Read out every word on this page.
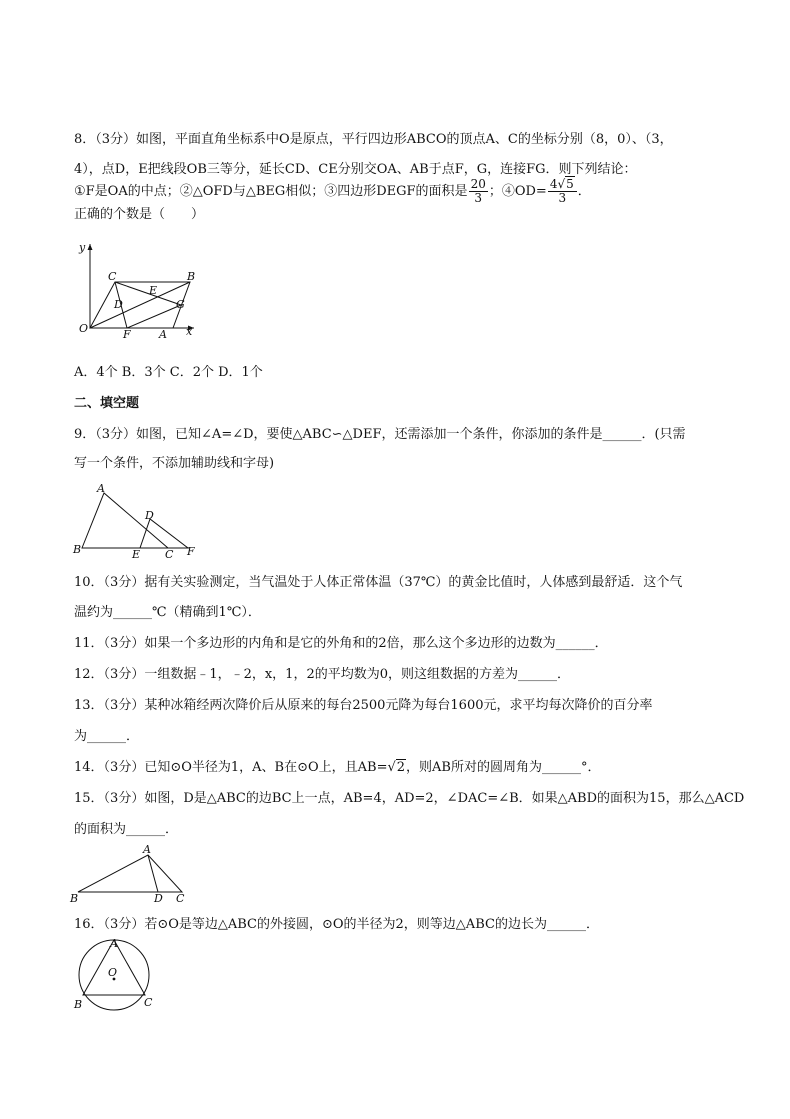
8．（3分）如图，平面直角坐标系中O是原点，平行四边形ABCO的顶点A、C的坐标分别（8，0）、（3，
4），点D，E把线段OB三等分，延长CD、CE分别交OA、AB于点F，G，连接FG．则下列结论：
①F是OA的中点；②△OFD与△BEG相似；③四边形DEGF的面积是 $\frac{20}{3}$ ；④OD= $\frac{4√5}{3}$ ．
正确的个数是（　　）
y
x
O
C	B
D
E
G
F	A
A．4个 B．3个 C．2个 D．1个
二、填空题
9．（3分）如图，已知∠A=∠D，要使△ABC∽△DEF，还需添加一个条件，你添加的条件是______．(只需
写一个条件，不添加辅助线和字母)
A
B
D
E C F
10．（3分）据有关实验测定，当气温处于人体正常体温（37℃）的黄金比值时，人体感到最舒适．这个气
温约为______℃（精确到1℃）．
11．（3分）如果一个多边形的内角和是它的外角和的2倍，那么这个多边形的边数为______．
12．（3分）一组数据﹣1，﹣2，x，1，2的平均数为0，则这组数据的方差为______．
13．（3分）某种冰箱经两次降价后从原来的每台2500元降为每台1600元，求平均每次降价的百分率
为______．
14．（3分）已知⊙O半径为1，A、B在⊙O上，且AB=√2，则AB所对的圆周角为______°．
15．（3分）如图，D是△ABC的边BC上一点，AB=4，AD=2，∠DAC=∠B．如果△ABD的面积为15，那么△ACD
的面积为______．
A
B	D C
16．（3分）若⊙O是等边△ABC的外接圆，⊙O的半径为2，则等边△ABC的边长为______．
A
O
B	C
